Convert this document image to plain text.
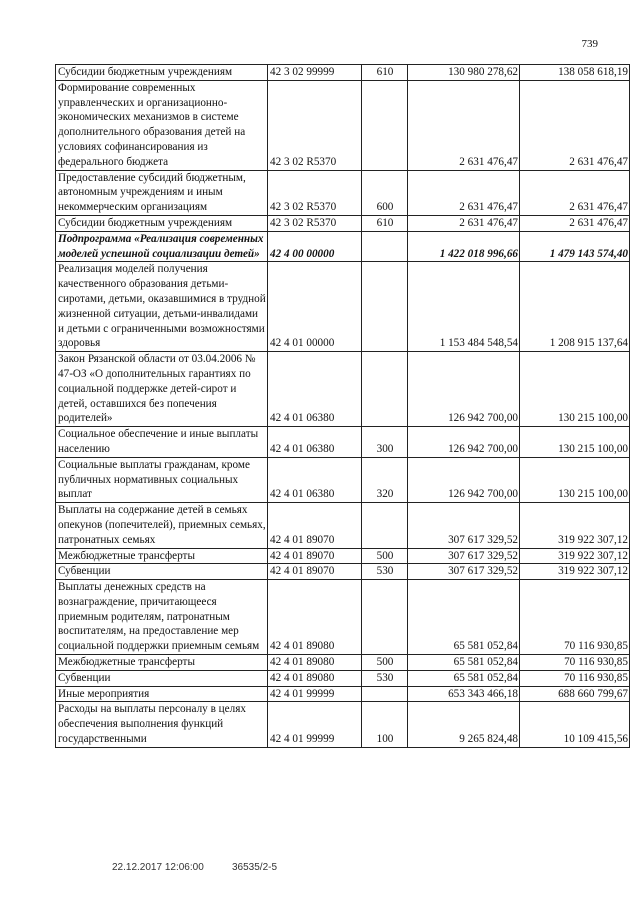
739
Субсидии бюджетным учреждениям	42 3 02 99999	610	130 980 278,62	138 058 618,19
Формирование современных управленческих и организационно-экономических механизмов в системе дополнительного образования детей на условиях софинансирования из федерального бюджета	42 3 02 R5370		2 631 476,47	2 631 476,47
Предоставление субсидий бюджетным, автономным учреждениям и иным некоммерческим организациям	42 3 02 R5370	600	2 631 476,47	2 631 476,47
Субсидии бюджетным учреждениям	42 3 02 R5370	610	2 631 476,47	2 631 476,47
Подпрограмма «Реализация современных моделей успешной социализации детей»	42 4 00 00000		1 422 018 996,66	1 479 143 574,40
Реализация моделей получения качественного образования детьми-сиротами, детьми, оказавшимися в трудной жизненной ситуации, детьми-инвалидами и детьми с ограниченными возможностями здоровья	42 4 01 00000		1 153 484 548,54	1 208 915 137,64
Закон Рязанской области от 03.04.2006 № 47-ОЗ «О дополнительных гарантиях по социальной поддержке детей-сирот и детей, оставшихся без попечения родителей»	42 4 01 06380		126 942 700,00	130 215 100,00
Социальное обеспечение и иные выплаты населению	42 4 01 06380	300	126 942 700,00	130 215 100,00
Социальные выплаты гражданам, кроме публичных нормативных социальных выплат	42 4 01 06380	320	126 942 700,00	130 215 100,00
Выплаты на содержание детей в семьях опекунов (попечителей), приемных семьях, патронатных семьях	42 4 01 89070		307 617 329,52	319 922 307,12
Межбюджетные трансферты	42 4 01 89070	500	307 617 329,52	319 922 307,12
Субвенции	42 4 01 89070	530	307 617 329,52	319 922 307,12
Выплаты денежных средств на вознаграждение, причитающееся приемным родителям, патронатным воспитателям, на предоставление мер социальной поддержки приемным семьям	42 4 01 89080		65 581 052,84	70 116 930,85
Межбюджетные трансферты	42 4 01 89080	500	65 581 052,84	70 116 930,85
Субвенции	42 4 01 89080	530	65 581 052,84	70 116 930,85
Иные мероприятия	42 4 01 99999		653 343 466,18	688 660 799,67
Расходы на выплаты персоналу в целях обеспечения выполнения функций государственными	42 4 01 99999	100	9 265 824,48	10 109 415,56
22.12.2017 12:06:00	36535/2-5
